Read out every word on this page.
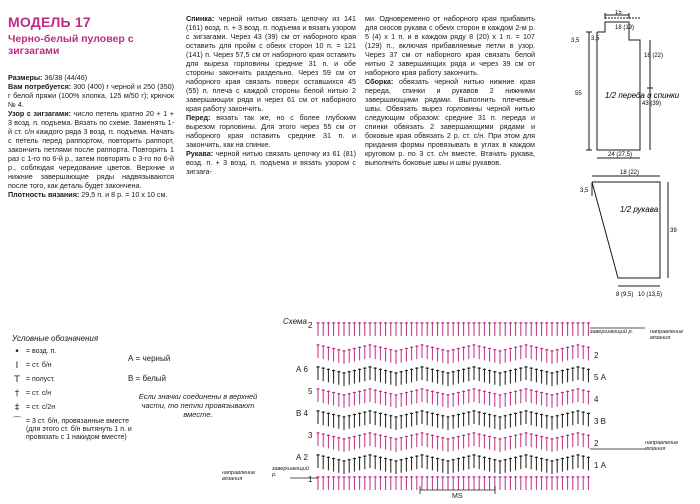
МОДЕЛЬ 17
Черно-белый пуловер с зигзагами

Размеры: 36/38 (44/46)

Вам потребуется: 300 (400) г черной и 250 (350) г белой пряжи (100% хлопка, 125 м/50 г); крючок № 4.

Узор с зигзагами: число петель кратно 20 + 1 + 3 возд. п. подъема. Вязать по схеме. Заменять 1-й ст. с/н каждого ряда 3 возд. п. подъема. Начать с петель перед раппортом, повторить раппорт, закончить петлями после раппорта. Повторить 1 раз с 1-го по 6-й р., затем повторять с 3-го по 6-й р., соблюдая чередование цветов. Верхние и нижние завершающие ряды надвязываются после того, как деталь будет закончена.

Плотность вязания: 29,5 п. и 8 р. = 10 х 10 см.

Спинка: черной нитью связать цепочку из 141 (161) возд. п. + 3 возд. п. подъема и вязать узором с зигзагами. Через 43 (39) см от наборного края оставить для пройм с обеих сторон 10 п. = 121 (141) п. Через 57,5 см от наборного края оставить для выреза горловины средние 31 п. и обе стороны закончить раздельно. Через 59 см от наборного края связать поверх оставшихся 45 (55) п. плеча с каждой стороны белой нитью 2 завершающих ряда и через 61 см от наборного края работу закончить.

Перед: вязать так же, но с более глубоким вырезом горловины. Для этого через 55 см от наборного края оставить средние 31 п. и закончить, как на спинке.

Рукава: черной нитью связать цепочку из 61 (81) возд. п. + 3 возд. п. подъема и вязать узором с зигзага-

ми. Одновременно от наборного края прибавить для скосов рукава с обеих сторон в каждом 2-м р. 5 (4) х 1 п. и в каждом ряду 8 (20) х 1 п. = 107 (129) п., включая прибавляемые петли в узор. Через 37 см от наборного края связать белой нитью 2 завершающих ряда и через 39 см от наборного края работу закончить.

Сборка: обвязать черной нитью нижние края переда, спинки и рукавов 2 нижними завершающими рядами. Выполнить плечевые швы. Обвязать вырез горловины черной нитью следующим образом: средние 31 п. переда и спинки обвязать 2 завершающими рядами и боковые края обвязать 2 р. ст. с/н. При этом для придания формы провязывать в углах в каждом круговом р. по 3 ст. с/н вместе. Втачать рукава, выполнить боковые швы и швы рукавов.

15
18 (19)
3,5
3,5
18 (22)
55
43 (39)
1/2 переда и спинки
24 (27,5)
18 (22)
3,5
39
1/2 рукава
8 (9,5) 10 (13,5)
Условные обозначения
• = возд. п.
I	= ст. б/н
T = полуст.
† = ст. с/н
‡ = ст. с/2н
⌒ = 3 ст. б/н, провязанные вместе (для этого ст. б/н вытянуть 1 п. и провязать с 1 накидом вместе)
А = черный
В = белый
Если значки соединены в верхней части, то петли провязывают вместе.
Схема 2
А 6
5
В 4
3
А 2
1
2
5 А
4
3 В
2
1 А
завершающий р.	направление вязания
направление вязания
завершающий р.
направление вязания
МS
